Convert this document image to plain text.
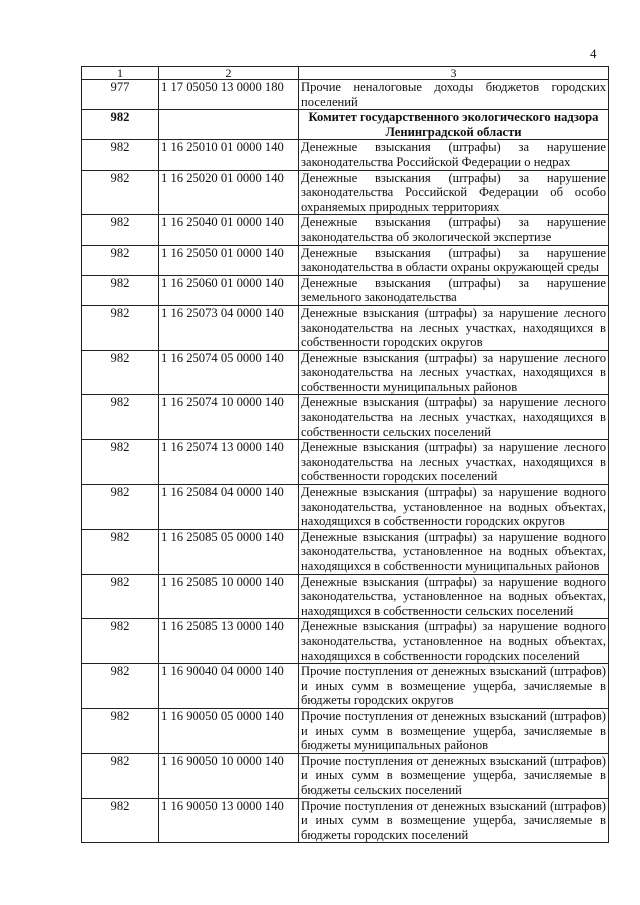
4
1	2	3
977	1 17 05050 13 0000 180	Прочие неналоговые доходы бюджетов городских поселений
982		Комитет государственного экологического надзора Ленинградской области
982	1 16 25010 01 0000 140	Денежные взыскания (штрафы) за нарушение законодательства Российской Федерации о недрах
982	1 16 25020 01 0000 140	Денежные взыскания (штрафы) за нарушение законодательства Российской Федерации об особо охраняемых природных территориях
982	1 16 25040 01 0000 140	Денежные взыскания (штрафы) за нарушение законодательства об экологической экспертизе
982	1 16 25050 01 0000 140	Денежные взыскания (штрафы) за нарушение законодательства в области охраны окружающей среды
982	1 16 25060 01 0000 140	Денежные взыскания (штрафы) за нарушение земельного законодательства
982	1 16 25073 04 0000 140	Денежные взыскания (штрафы) за нарушение лесного законодательства на лесных участках, находящихся в собственности городских округов
982	1 16 25074 05 0000 140	Денежные взыскания (штрафы) за нарушение лесного законодательства на лесных участках, находящихся в собственности муниципальных районов
982	1 16 25074 10 0000 140	Денежные взыскания (штрафы) за нарушение лесного законодательства на лесных участках, находящихся в собственности сельских поселений
982	1 16 25074 13 0000 140	Денежные взыскания (штрафы) за нарушение лесного законодательства на лесных участках, находящихся в собственности городских поселений
982	1 16 25084 04 0000 140	Денежные взыскания (штрафы) за нарушение водного законодательства, установленное на водных объектах, находящихся в собственности городских округов
982	1 16 25085 05 0000 140	Денежные взыскания (штрафы) за нарушение водного законодательства, установленное на водных объектах, находящихся в собственности муниципальных районов
982	1 16 25085 10 0000 140	Денежные взыскания (штрафы) за нарушение водного законодательства, установленное на водных объектах, находящихся в собственности сельских поселений
982	1 16 25085 13 0000 140	Денежные взыскания (штрафы) за нарушение водного законодательства, установленное на водных объектах, находящихся в собственности городских поселений
982	1 16 90040 04 0000 140	Прочие поступления от денежных взысканий (штрафов) и иных сумм в возмещение ущерба, зачисляемые в бюджеты городских округов
982	1 16 90050 05 0000 140	Прочие поступления от денежных взысканий (штрафов) и иных сумм в возмещение ущерба, зачисляемые в бюджеты муниципальных районов
982	1 16 90050 10 0000 140	Прочие поступления от денежных взысканий (штрафов) и иных сумм в возмещение ущерба, зачисляемые в бюджеты сельских поселений
982	1 16 90050 13 0000 140	Прочие поступления от денежных взысканий (штрафов) и иных сумм в возмещение ущерба, зачисляемые в бюджеты городских поселений
